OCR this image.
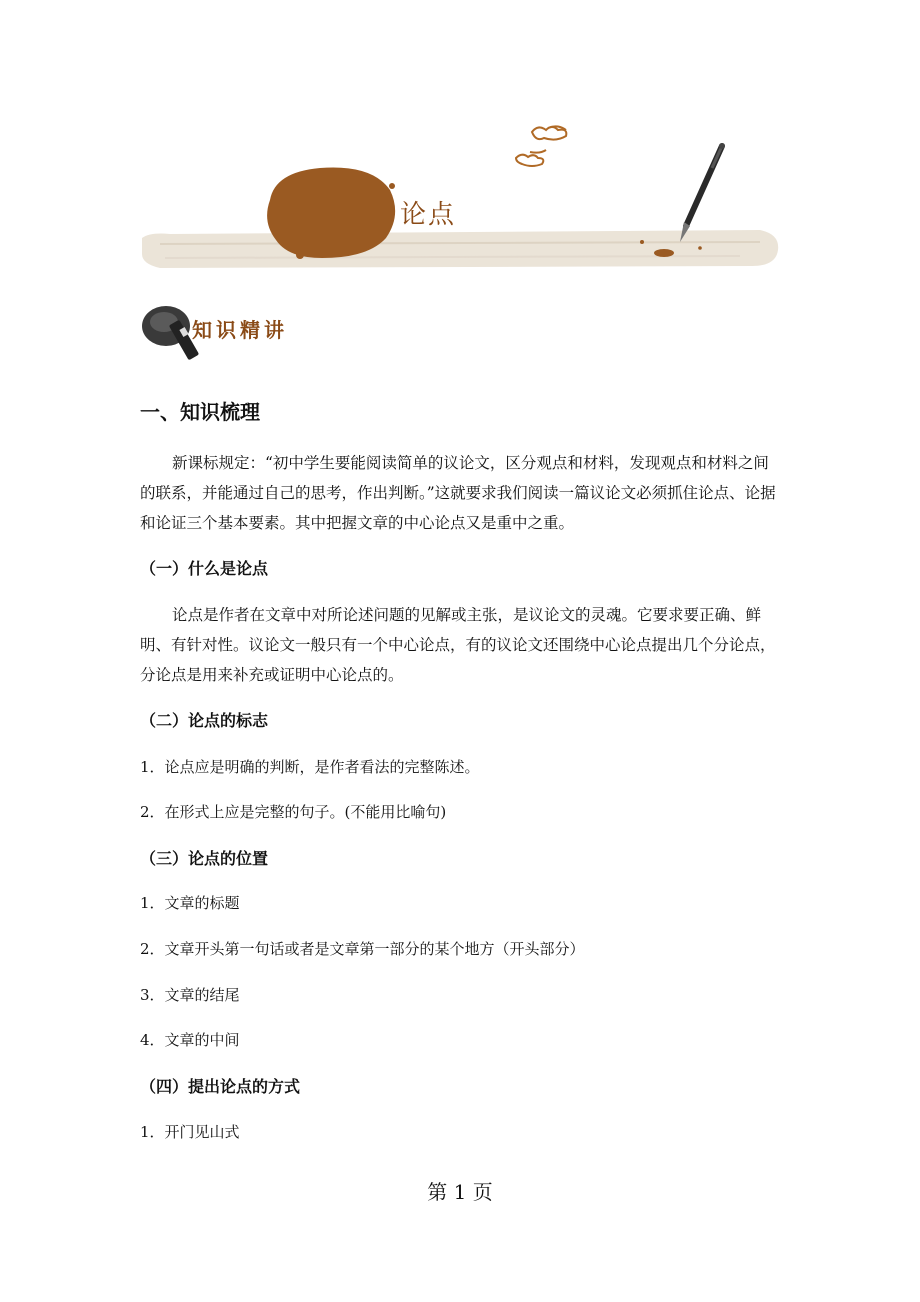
论点
知识精讲
一、知识梳理
新课标规定：“初中学生要能阅读简单的议论文，区分观点和材料，发现观点和材料之间的联系，并能通过自己的思考，作出判断。”这就要求我们阅读一篇议论文必须抓住论点、论据和论证三个基本要素。其中把握文章的中心论点又是重中之重。
（一）什么是论点
论点是作者在文章中对所论述问题的见解或主张，是议论文的灵魂。它要求要正确、鲜明、有针对性。议论文一般只有一个中心论点，有的议论文还围绕中心论点提出几个分论点，分论点是用来补充或证明中心论点的。
（二）论点的标志
1．论点应是明确的判断，是作者看法的完整陈述。
2．在形式上应是完整的句子。(不能用比喻句)
（三）论点的位置
1．文章的标题
2．文章开头第一句话或者是文章第一部分的某个地方（开头部分）
3．文章的结尾
4．文章的中间
（四）提出论点的方式
1．开门见山式
第 1 页
